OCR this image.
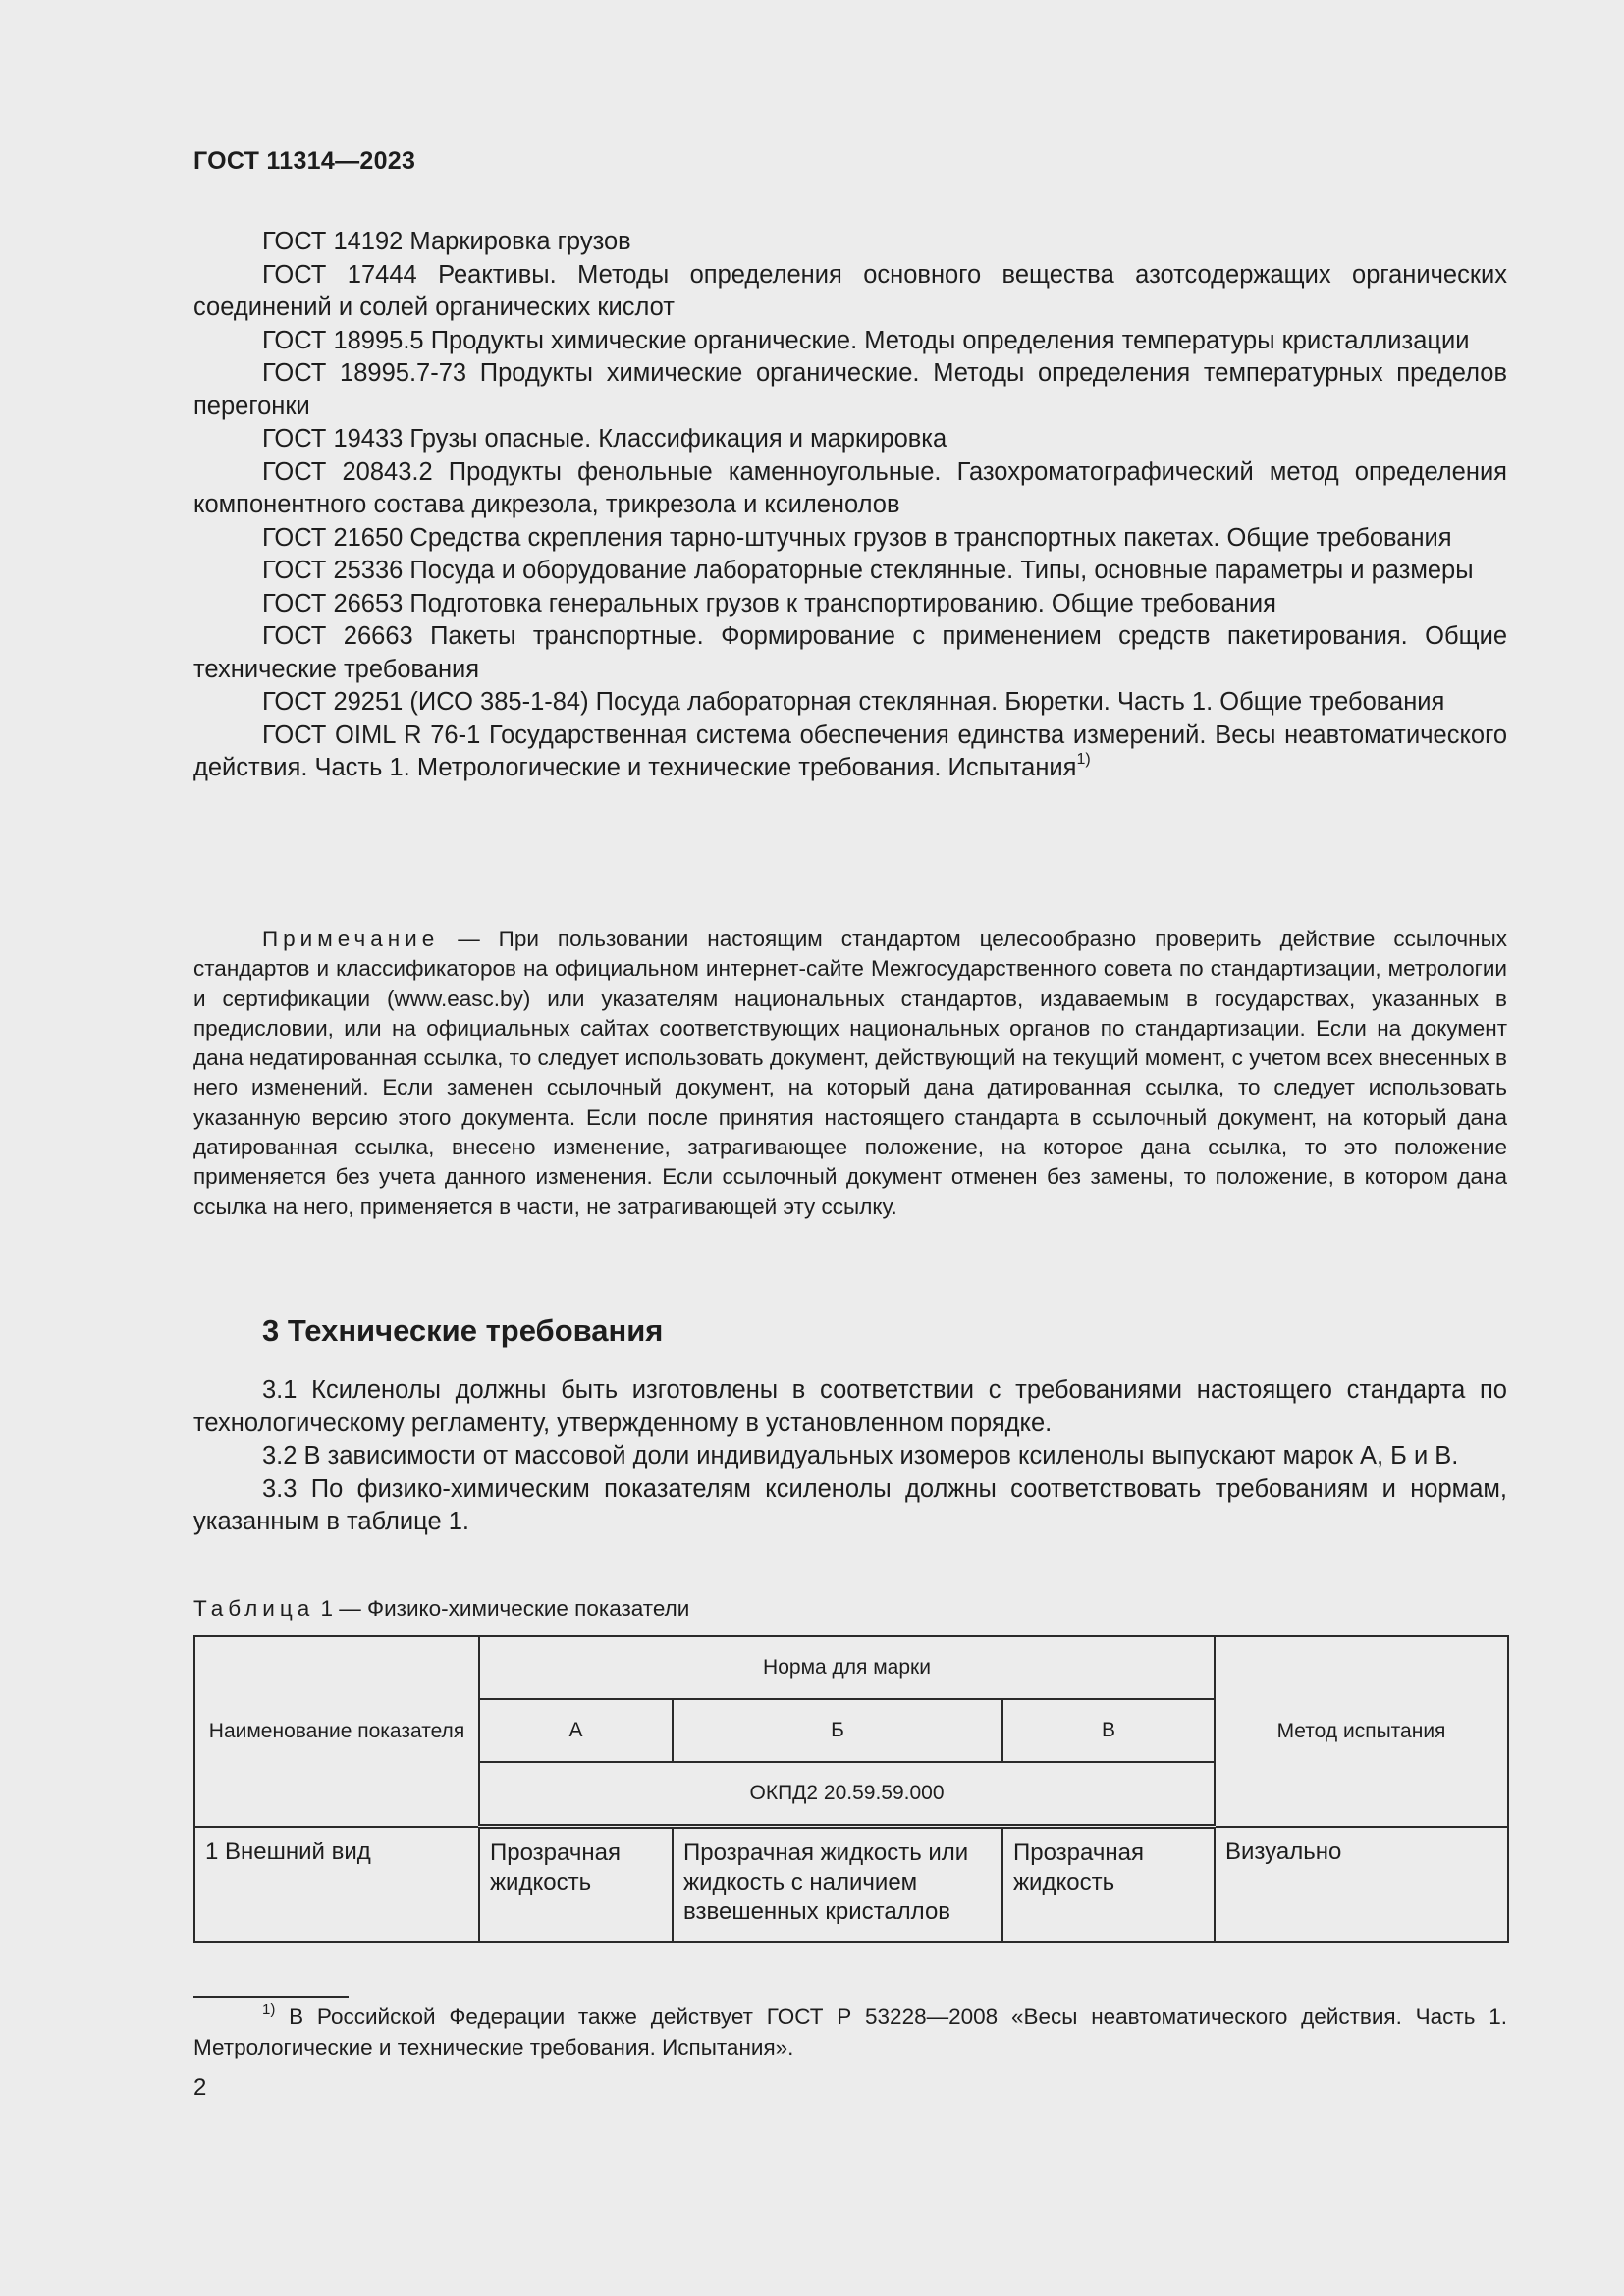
ГОСТ 11314—2023

ГОСТ 14192 Маркировка грузов

ГОСТ 17444 Реактивы. Методы определения основного вещества азотсодержащих органических соединений и солей органических кислот

ГОСТ 18995.5 Продукты химические органические. Методы определения температуры кристаллизации

ГОСТ 18995.7-73 Продукты химические органические. Методы определения температурных пределов перегонки

ГОСТ 19433 Грузы опасные. Классификация и маркировка

ГОСТ 20843.2 Продукты фенольные каменноугольные. Газохроматографический метод определения компонентного состава дикрезола, трикрезола и ксиленолов

ГОСТ 21650 Средства скрепления тарно-штучных грузов в транспортных пакетах. Общие требования

ГОСТ 25336 Посуда и оборудование лабораторные стеклянные. Типы, основные параметры и размеры

ГОСТ 26653 Подготовка генеральных грузов к транспортированию. Общие требования

ГОСТ 26663 Пакеты транспортные. Формирование с применением средств пакетирования. Общие технические требования

ГОСТ 29251 (ИСО 385-1-84) Посуда лабораторная стеклянная. Бюретки. Часть 1. Общие требования

ГОСТ OIML R 76-1 Государственная система обеспечения единства измерений. Весы неавтоматического действия. Часть 1. Метрологические и технические требования. Испытания$^{1)}$

Примечание — При пользовании настоящим стандартом целесообразно проверить действие ссылочных стандартов и классификаторов на официальном интернет-сайте Межгосударственного совета по стандартизации, метрологии и сертификации (www.easc.by) или указателям национальных стандартов, издаваемым в государствах, указанных в предисловии, или на официальных сайтах соответствующих национальных органов по стандартизации. Если на документ дана недатированная ссылка, то следует использовать документ, действующий на текущий момент, с учетом всех внесенных в него изменений. Если заменен ссылочный документ, на который дана датированная ссылка, то следует использовать указанную версию этого документа. Если после принятия настоящего стандарта в ссылочный документ, на который дана датированная ссылка, внесено изменение, затрагивающее положение, на которое дана ссылка, то это положение применяется без учета данного изменения. Если ссылочный документ отменен без замены, то положение, в котором дана ссылка на него, применяется в части, не затрагивающей эту ссылку.
3 Технические требования

3.1 Ксиленолы должны быть изготовлены в соответствии с требованиями настоящего стандарта по технологическому регламенту, утвержденному в установленном порядке.

3.2 В зависимости от массовой доли индивидуальных изомеров ксиленолы выпускают марок А, Б и В.

3.3 По физико-химическим показателям ксиленолы должны соответствовать требованиям и нормам, указанным в таблице 1.

Таблица 1 — Физико-химические показатели
Наименование показателя	Норма для марки			Метод испытания
	А	Б	В	
	ОКПД2 20.59.59.000			
1 Внешний вид	Прозрачная жидкость	Прозрачная жидкость или жидкость с наличием взвешенных кристаллов	Прозрачная жидкость	Визуально
$^{1)}$ В Российской Федерации также действует ГОСТ Р 53228—2008 «Весы неавтоматического действия. Часть 1. Метрологические и технические требования. Испытания».
2
